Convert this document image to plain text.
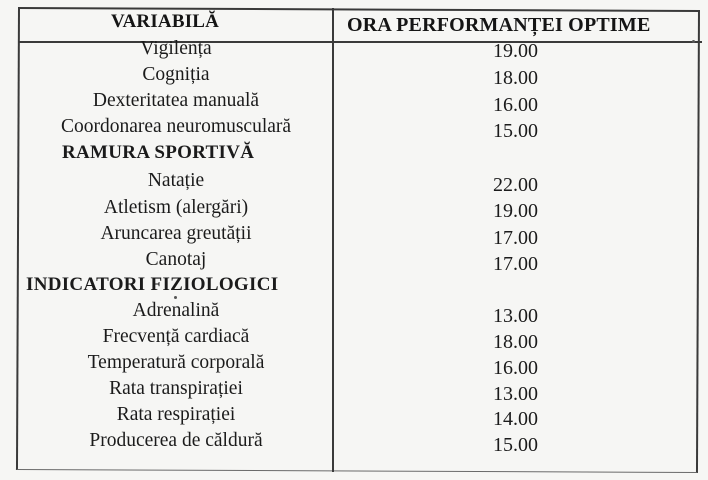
VARIABILĂ	ORA PERFORMANȚEI OPTIME
Vigilența	19.00
Cogniția	18.00
Dexteritatea manuală	16.00
Coordonarea neuromusculară	15.00
RAMURA SPORTIVĂ
Natație	22.00
Atletism (alergări)	19.00
Aruncarea greutății	17.00
Canotaj	17.00
INDICATORI FIZIOLOGICI
Adrenalină	13.00
Frecvență cardiacă	18.00
Temperatură corporală	16.00
Rata transpirației	13.00
Rata respirației	14.00
Producerea de căldură	15.00
